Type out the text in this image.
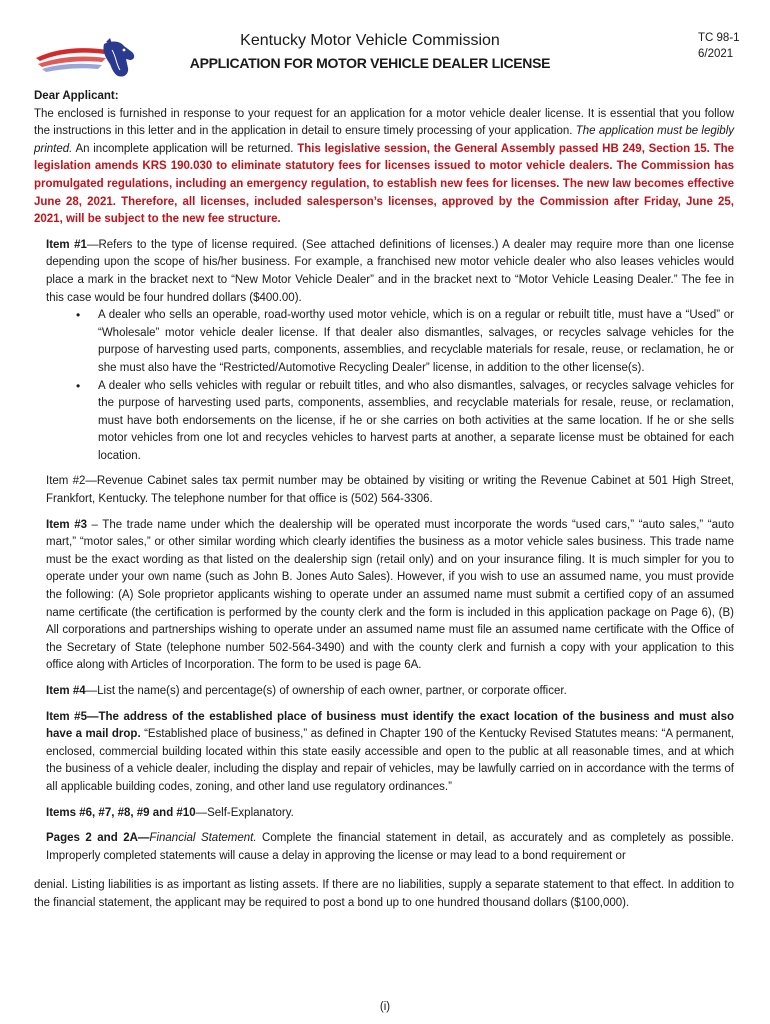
Kentucky Motor Vehicle Commission
APPLICATION FOR MOTOR VEHICLE DEALER LICENSE
TC 98-1
6/2021

Dear Applicant:

The enclosed is furnished in response to your request for an application for a motor vehicle dealer license. It is essential that you follow the instructions in this letter and in the application in detail to ensure timely processing of your application. The application must be legibly printed. An incomplete application will be returned. This legislative session, the General Assembly passed HB 249, Section 15. The legislation amends KRS 190.030 to eliminate statutory fees for licenses issued to motor vehicle dealers. The Commission has promulgated regulations, including an emergency regulation, to establish new fees for licenses. The new law becomes effective June 28, 2021. Therefore, all licenses, included salesperson’s licenses, approved by the Commission after Friday, June 25, 2021, will be subject to the new fee structure.

Item #1—Refers to the type of license required. (See attached definitions of licenses.) A dealer may require more than one license depending upon the scope of his/her business. For example, a franchised new motor vehicle dealer who also leases vehicles would place a mark in the bracket next to “New Motor Vehicle Dealer” and in the bracket next to “Motor Vehicle Leasing Dealer.” The fee in this case would be four hundred dollars ($400.00).

• A dealer who sells an operable, road-worthy used motor vehicle, which is on a regular or rebuilt title, must have a “Used” or “Wholesale” motor vehicle dealer license. If that dealer also dismantles, salvages, or recycles salvage vehicles for the purpose of harvesting used parts, components, assemblies, and recyclable materials for resale, reuse, or reclamation, he or she must also have the “Restricted/Automotive Recycling Dealer” license, in addition to the other license(s).
• A dealer who sells vehicles with regular or rebuilt titles, and who also dismantles, salvages, or recycles salvage vehicles for the purpose of harvesting used parts, components, assemblies, and recyclable materials for resale, reuse, or reclamation, must have both endorsements on the license, if he or she carries on both activities at the same location. If he or she sells motor vehicles from one lot and recycles vehicles to harvest parts at another, a separate license must be obtained for each location.

Item #2—Revenue Cabinet sales tax permit number may be obtained by visiting or writing the Revenue Cabinet at 501 High Street, Frankfort, Kentucky. The telephone number for that office is (502) 564-3306.

Item #3 – The trade name under which the dealership will be operated must incorporate the words “used cars,” “auto sales,” “auto mart,” “motor sales,” or other similar wording which clearly identifies the business as a motor vehicle sales business. This trade name must be the exact wording as that listed on the dealership sign (retail only) and on your insurance filing. It is much simpler for you to operate under your own name (such as John B. Jones Auto Sales). However, if you wish to use an assumed name, you must provide the following: (A) Sole proprietor applicants wishing to operate under an assumed name must submit a certified copy of an assumed name certificate (the certification is performed by the county clerk and the form is included in this application package on Page 6), (B) All corporations and partnerships wishing to operate under an assumed name must file an assumed name certificate with the Office of the Secretary of State (telephone number 502-564-3490) and with the county clerk and furnish a copy with your application to this office along with Articles of Incorporation. The form to be used is page 6A.

Item #4—List the name(s) and percentage(s) of ownership of each owner, partner, or corporate officer.

Item #5—The address of the established place of business must identify the exact location of the business and must also have a mail drop. “Established place of business,” as defined in Chapter 190 of the Kentucky Revised Statutes means: “A permanent, enclosed, commercial building located within this state easily accessible and open to the public at all reasonable times, and at which the business of a vehicle dealer, including the display and repair of vehicles, may be lawfully carried on in accordance with the terms of all applicable building codes, zoning, and other land use regulatory ordinances.”

Items #6, #7, #8, #9 and #10—Self-Explanatory.

Pages 2 and 2A—Financial Statement. Complete the financial statement in detail, as accurately and as completely as possible. Improperly completed statements will cause a delay in approving the license or may lead to a bond requirement or

denial. Listing liabilities is as important as listing assets. If there are no liabilities, supply a separate statement to that effect. In addition to the financial statement, the applicant may be required to post a bond up to one hundred thousand dollars ($100,000).

(i)
